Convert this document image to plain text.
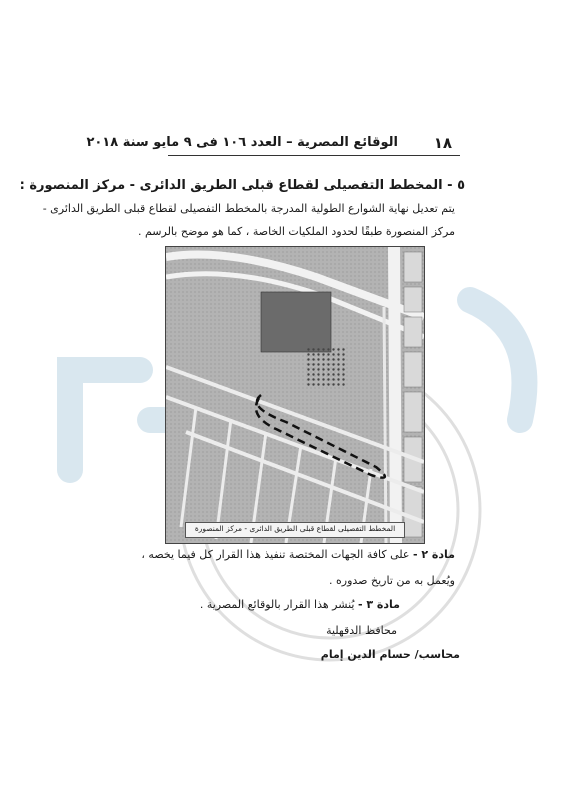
١٨
الوقائع المصرية – العدد ١٠٦ فى ٩ مايو سنة ٢٠١٨
٥ - المخطط التفصيلى لقطاع قبلى الطريق الدائرى - مركز المنصورة :
يتم تعديل نهاية الشوارع الطولية المدرجة بالمخطط التفصيلى لقطاع قبلى الطريق الدائرى -
مركز المنصورة طبقًا لحدود الملكيات الخاصة ، كما هو موضح بالرسم .
المخطط التفصيلى لقطاع قبلى الطريق الدائرى - مركز المنصورة
مادة ٢ - على كافة الجهات المختصة تنفيذ هذا القرار كل فيما يخصه ،
ويُعمل به من تاريخ صدوره .
مادة ٣ - يُنشر هذا القرار بالوقائع المصرية .
محافظ الدقهلية
محاسب/ حسام الدين إمام
